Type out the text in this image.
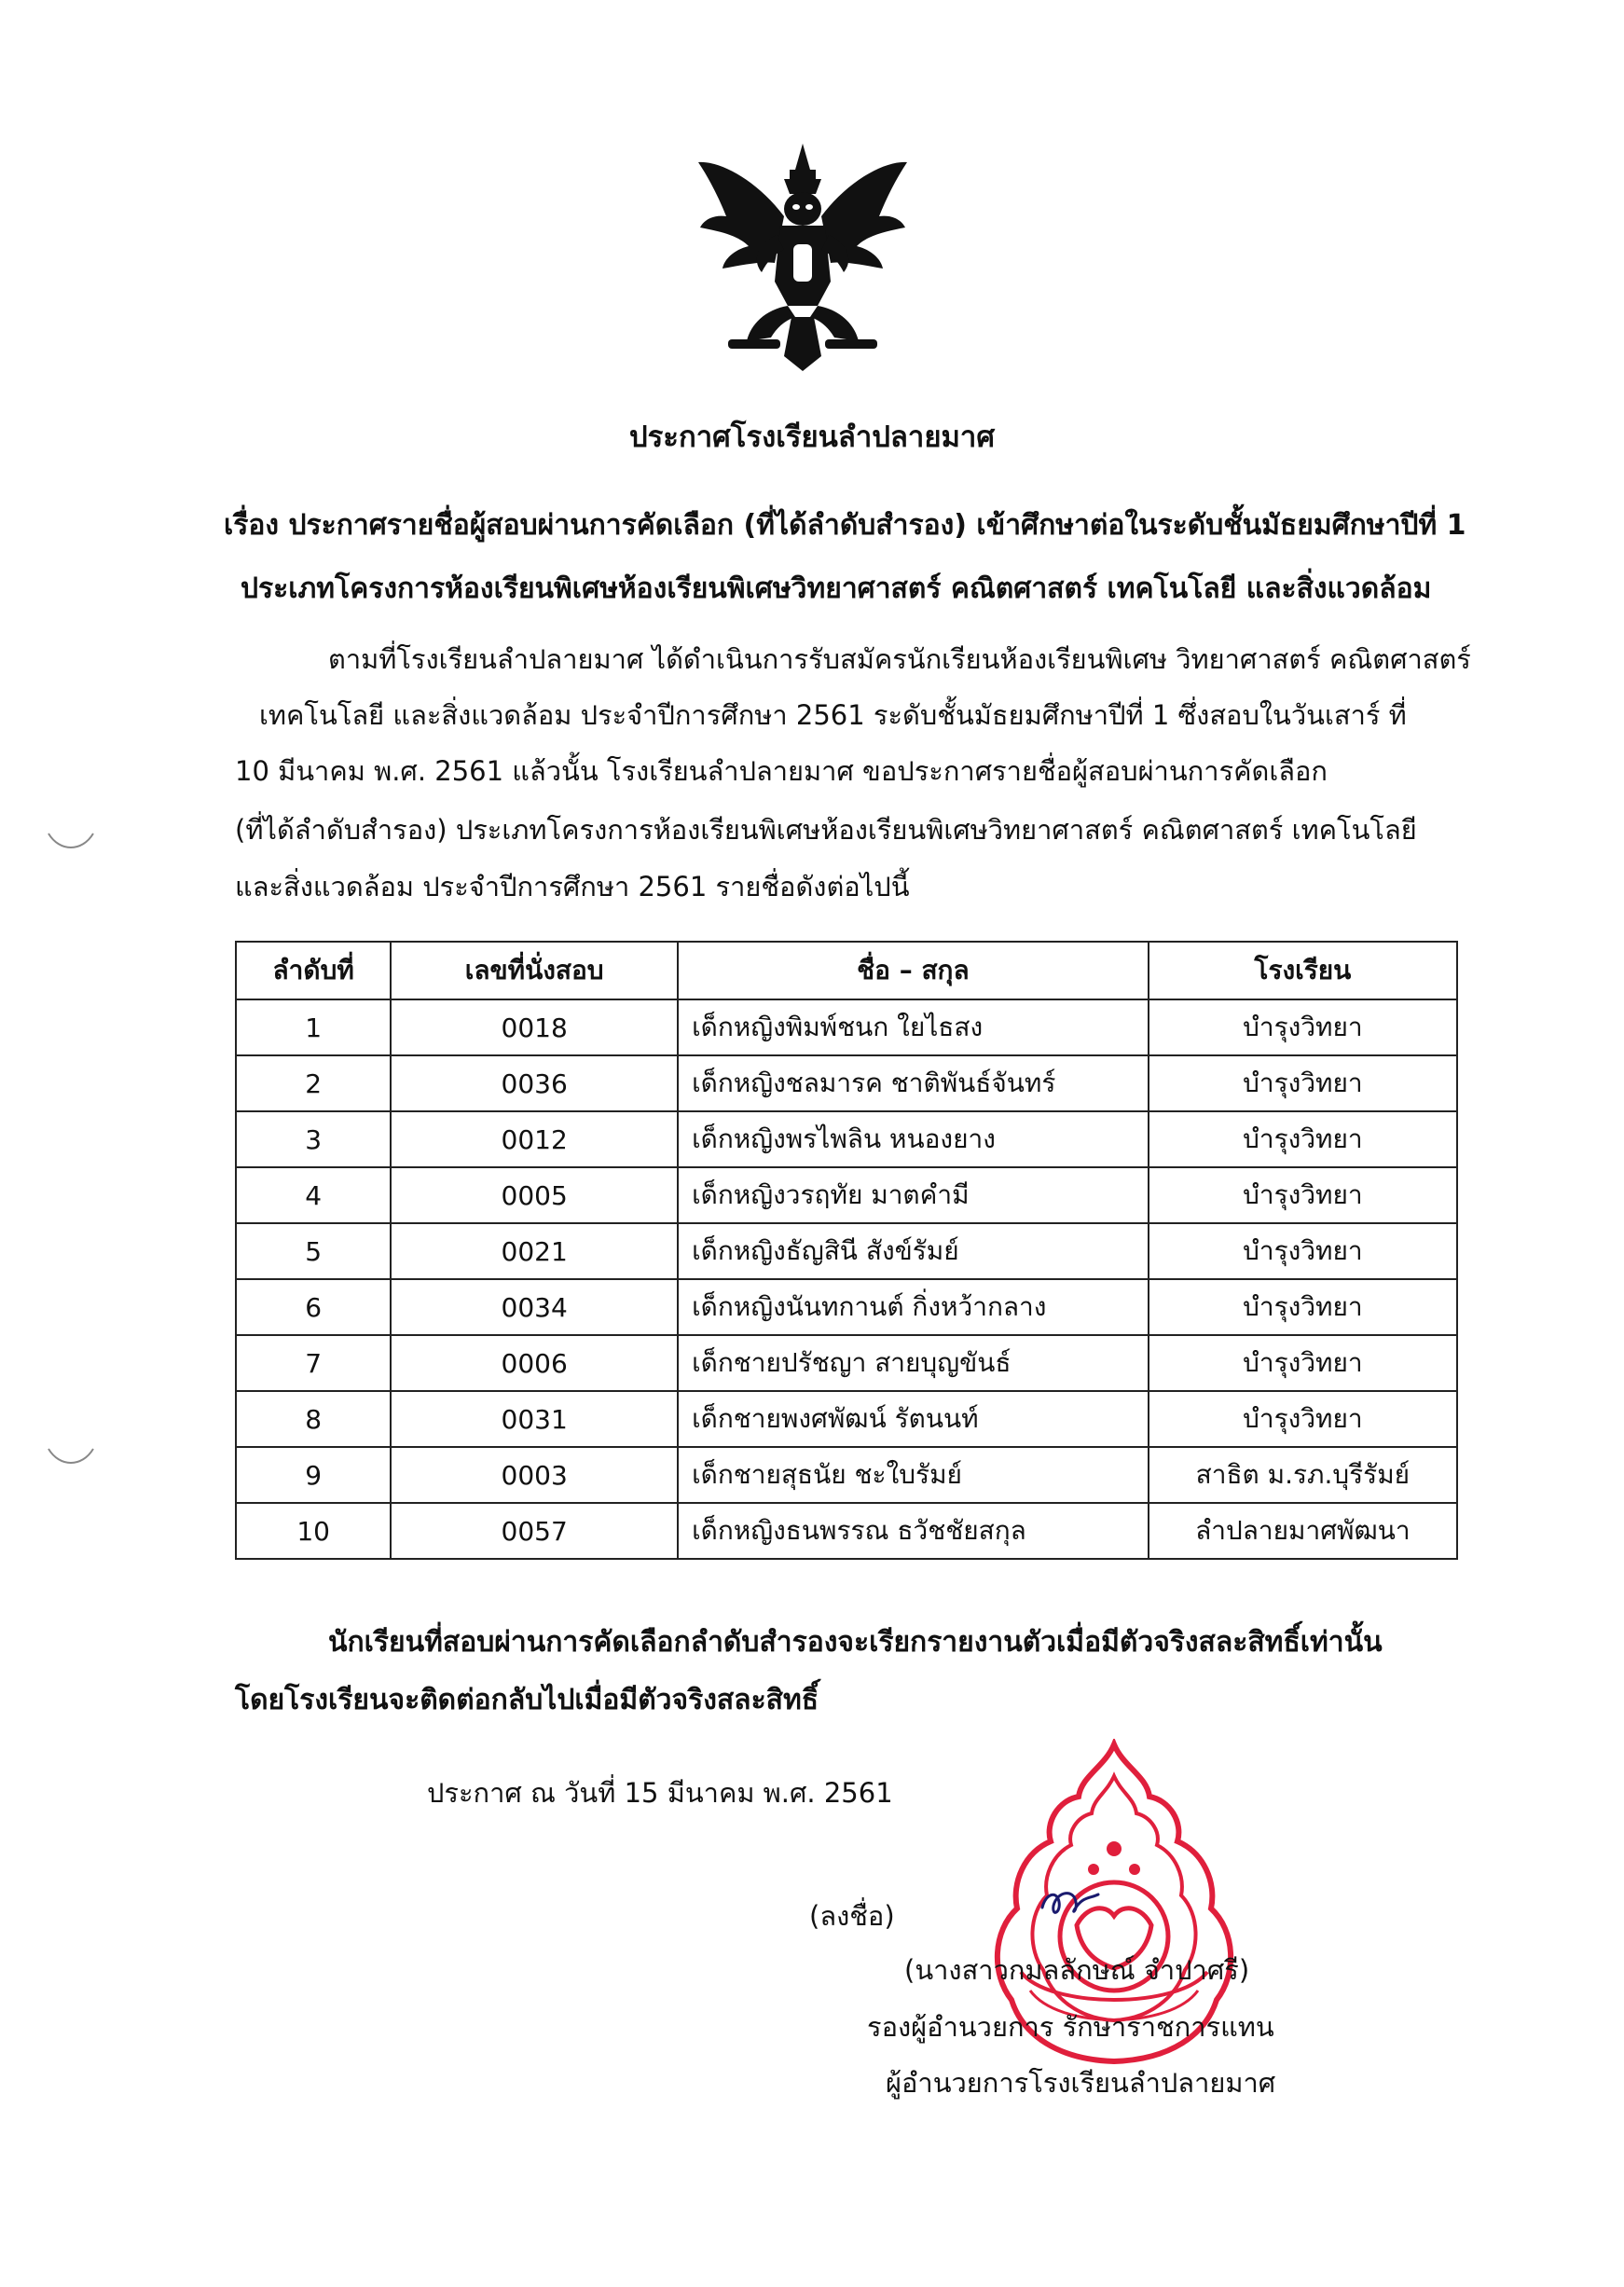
ประกาศโรงเรียนลำปลายมาศ
เรื่อง ประกาศรายชื่อผู้สอบผ่านการคัดเลือก (ที่ได้ลำดับสำรอง) เข้าศึกษาต่อในระดับชั้นมัธยมศึกษาปีที่ 1
ประเภทโครงการห้องเรียนพิเศษห้องเรียนพิเศษวิทยาศาสตร์ คณิตศาสตร์ เทคโนโลยี และสิ่งแวดล้อม
ตามที่โรงเรียนลำปลายมาศ ได้ดำเนินการรับสมัครนักเรียนห้องเรียนพิเศษ วิทยาศาสตร์ คณิตศาสตร์
เทคโนโลยี และสิ่งแวดล้อม ประจำปีการศึกษา 2561 ระดับชั้นมัธยมศึกษาปีที่ 1 ซึ่งสอบในวันเสาร์ ที่
10 มีนาคม พ.ศ. 2561 แล้วนั้น โรงเรียนลำปลายมาศ ขอประกาศรายชื่อผู้สอบผ่านการคัดเลือก
(ที่ได้ลำดับสำรอง) ประเภทโครงการห้องเรียนพิเศษห้องเรียนพิเศษวิทยาศาสตร์ คณิตศาสตร์ เทคโนโลยี
และสิ่งแวดล้อม ประจำปีการศึกษา 2561 รายชื่อดังต่อไปนี้
ลำดับที่	เลขที่นั่งสอบ	ชื่อ – สกุล	โรงเรียน
1	0018	เด็กหญิงพิมพ์ชนก ใยไธสง	บำรุงวิทยา
2	0036	เด็กหญิงชลมารค ชาติพันธ์จันทร์	บำรุงวิทยา
3	0012	เด็กหญิงพรไพลิน หนองยาง	บำรุงวิทยา
4	0005	เด็กหญิงวรฤทัย มาตคำมี	บำรุงวิทยา
5	0021	เด็กหญิงธัญสินี สังข์รัมย์	บำรุงวิทยา
6	0034	เด็กหญิงนันทกานต์ กิ่งหว้ากลาง	บำรุงวิทยา
7	0006	เด็กชายปรัชญา สายบุญขันธ์	บำรุงวิทยา
8	0031	เด็กชายพงศพัฒน์ รัตนนท์	บำรุงวิทยา
9	0003	เด็กชายสุธนัย ชะใบรัมย์	สาธิต ม.รภ.บุรีรัมย์
10	0057	เด็กหญิงธนพรรณ ธวัชชัยสกุล	ลำปลายมาศพัฒนา
นักเรียนที่สอบผ่านการคัดเลือกลำดับสำรองจะเรียกรายงานตัวเมื่อมีตัวจริงสละสิทธิ์เท่านั้น
โดยโรงเรียนจะติดต่อกลับไปเมื่อมีตัวจริงสละสิทธิ์
ประกาศ ณ วันที่ 15 มีนาคม พ.ศ. 2561
(ลงชื่อ)
(นางสาวกมลลักษณ์ จำปาศรี)
รองผู้อำนวยการ รักษาราชการแทน
ผู้อำนวยการโรงเรียนลำปลายมาศ
